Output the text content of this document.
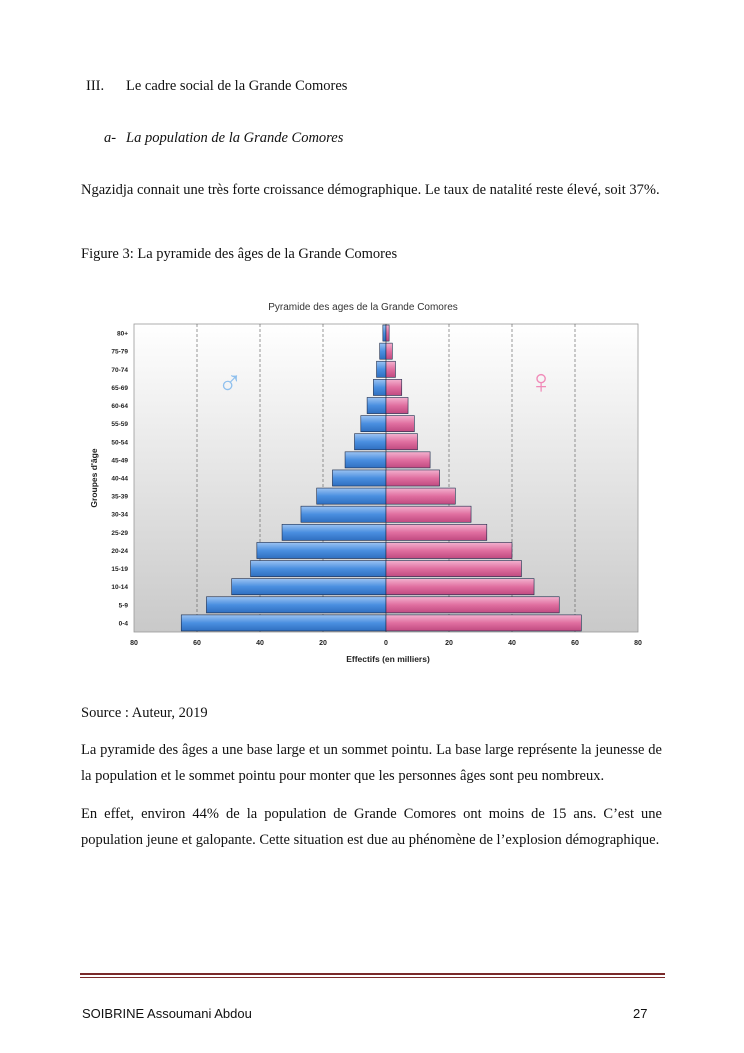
III. Le cadre social de la Grande Comores
a- La population de la Grande Comores
Ngazidja connait une très forte croissance démographique. Le taux de natalité reste élevé, soit 37%.
Figure 3: La pyramide des âges de la Grande Comores
Pyramide des ages de la Grande Comores
0-4
5-9
10-14
15-19
20-24
25-29
30-34
35-39
40-44
45-49
50-54
55-59
60-64
65-69
70-74
75-79
80+
80	60	40	20	0	20	40	60	80
♂	♀
Effectifs (en milliers)
Groupes d'âge
Source : Auteur, 2019
La pyramide des âges a une base large et un sommet pointu. La base large représente la jeunesse de la population et le sommet pointu pour monter que les personnes âges sont peu nombreux.
En effet, environ 44% de la population de Grande Comores ont moins de 15 ans. C’est une population jeune et galopante. Cette situation est due au phénomène de l’explosion démographique.
SOIBRINE Assoumani Abdou	27
